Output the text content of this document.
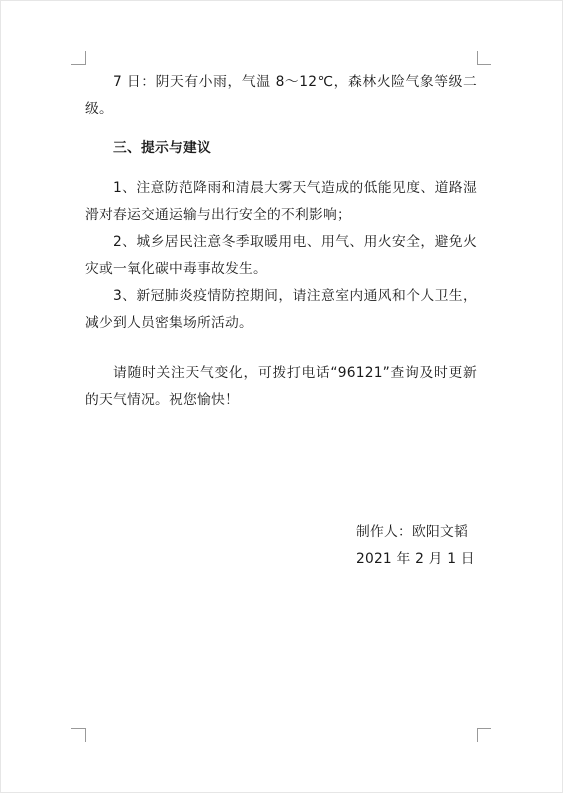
7 日：阴天有小雨，气温 8～12℃，森林火险气象等级二级。

三、提示与建议

1、注意防范降雨和清晨大雾天气造成的低能见度、道路湿滑对春运交通运输与出行安全的不利影响；

2、城乡居民注意冬季取暖用电、用气、用火安全，避免火灾或一氧化碳中毒事故发生。

3、新冠肺炎疫情防控期间，请注意室内通风和个人卫生，减少到人员密集场所活动。

请随时关注天气变化，可拨打电话“96121”查询及时更新的天气情况。祝您愉快！

制作人：欧阳文韬
2021 年 2 月 1 日
